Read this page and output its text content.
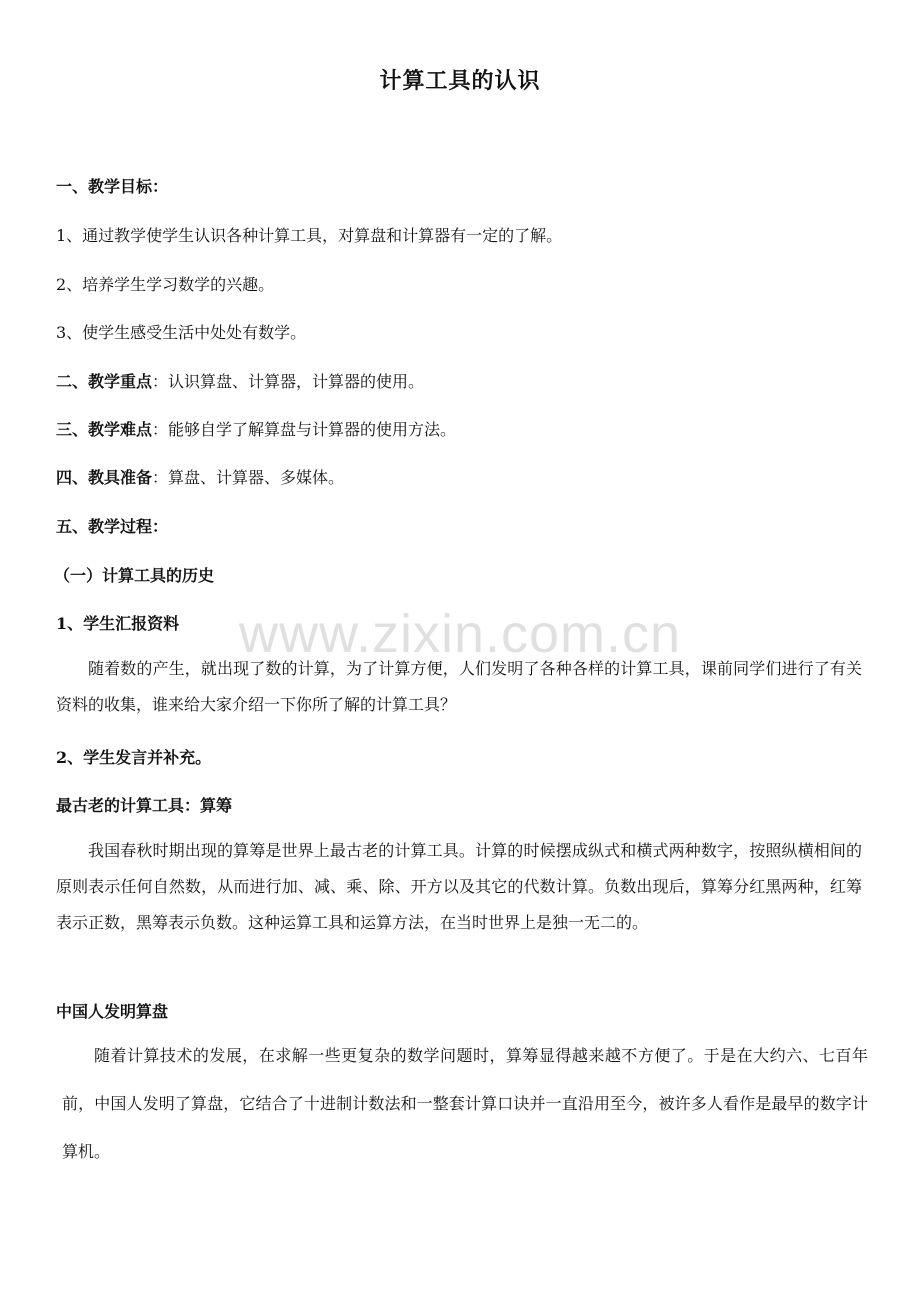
计算工具的认识
一、教学目标：
1、通过教学使学生认识各种计算工具，对算盘和计算器有一定的了解。
2、培养学生学习数学的兴趣。
3、使学生感受生活中处处有数学。
二、教学重点：认识算盘、计算器，计算器的使用。
三、教学难点：能够自学了解算盘与计算器的使用方法。
四、教具准备：算盘、计算器、多媒体。
五、教学过程：
（一）计算工具的历史
1、学生汇报资料
随着数的产生，就出现了数的计算，为了计算方便，人们发明了各种各样的计算工具，课前同学们进行了有关资料的收集，谁来给大家介绍一下你所了解的计算工具？
2、学生发言并补充。
最古老的计算工具：算筹
我国春秋时期出现的算筹是世界上最古老的计算工具。计算的时候摆成纵式和横式两种数字，按照纵横相间的原则表示任何自然数，从而进行加、减、乘、除、开方以及其它的代数计算。负数出现后，算筹分红黑两种，红筹表示正数，黑筹表示负数。这种运算工具和运算方法，在当时世界上是独一无二的。
中国人发明算盘
随着计算技术的发展，在求解一些更复杂的数学问题时，算筹显得越来越不方便了。于是在大约六、七百年前，中国人发明了算盘，它结合了十进制计数法和一整套计算口诀并一直沿用至今，被许多人看作是最早的数字计算机。
www.zixin.com.cn
